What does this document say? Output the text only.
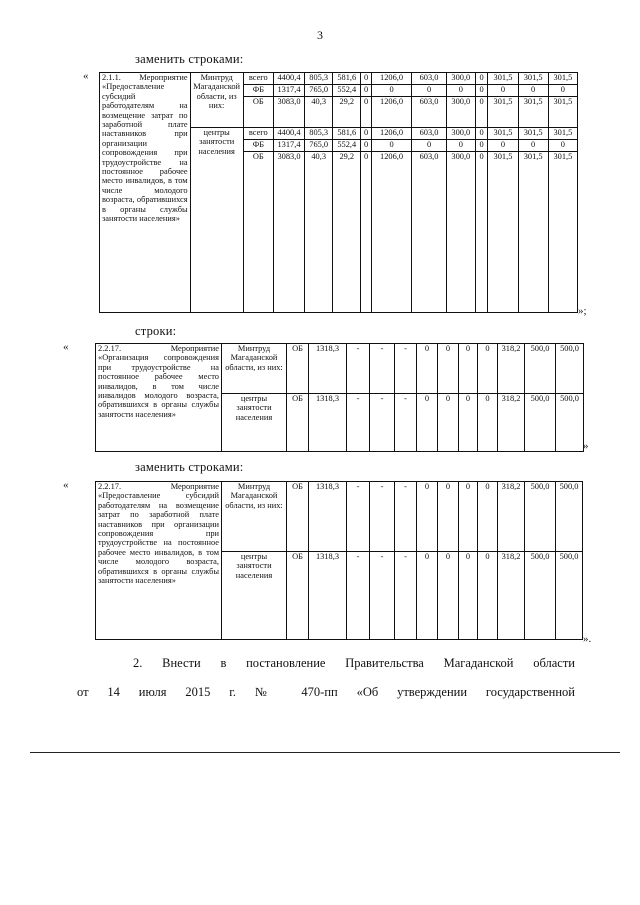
3
заменить строками:
« 2.1.1. Мероприятие «Предоставление субсидий работодателям на возмещение затрат по заработной плате наставников при организации сопровождения при трудоустройстве на постоянное рабочее место инвалидов, в том числе молодого возраста, обратившихся в органы службы занятости населения»	Минтруд Магаданской области, из них:	всего	4400,4	805,3	581,6	0	1206,0	603,0	300,0	0	301,5	301,5	301,5
		ФБ	1317,4	765,0	552,4	0	0	0	0	0	0	0	0
		ОБ	3083,0	40,3	29,2	0	1206,0	603,0	300,0	0	301,5	301,5	301,5
	центры занятости населения	всего	4400,4	805,3	581,6	0	1206,0	603,0	300,0	0	301,5	301,5	301,5
		ФБ	1317,4	765,0	552,4	0	0	0	0	0	0	0	0
		ОБ	3083,0	40,3	29,2	0	1206,0	603,0	300,0	0	301,5	301,5	301,5
»;
строки:
«	2.2.17. Мероприятие «Организация сопровождения при трудоустройстве на постоянное рабочее место инвалидов, в том числе инвалидов молодого возраста, обратившихся в органы службы занятости населения»	Минтруд Магаданской области, из них:	ОБ	1318,3	-	-	-	0	0	0	0	318,2	500,0	500,0
	центры занятости населения	ОБ	1318,3	-	-	-	0	0	0	0	318,2	500,0	500,0
»
заменить строками:
«	2.2.17. Мероприятие «Предоставление субсидий работодателям на возмещение затрат по заработной плате наставников при организации сопровождения при трудоустройстве на постоянное рабочее место инвалидов, в том числе молодого возраста, обратившихся в органы службы занятости населения»	Минтруд Магаданской области, из них:	ОБ	1318,3	-	-	-	0	0	0	0	318,2	500,0	500,0
	центры занятости населения	ОБ	1318,3	-	-	-	0	0	0	0	318,2	500,0	500,0
».
2. Внести в постановление Правительства Магаданской области
от 14 июля 2015 г. № 470-пп «Об утверждении государственной
